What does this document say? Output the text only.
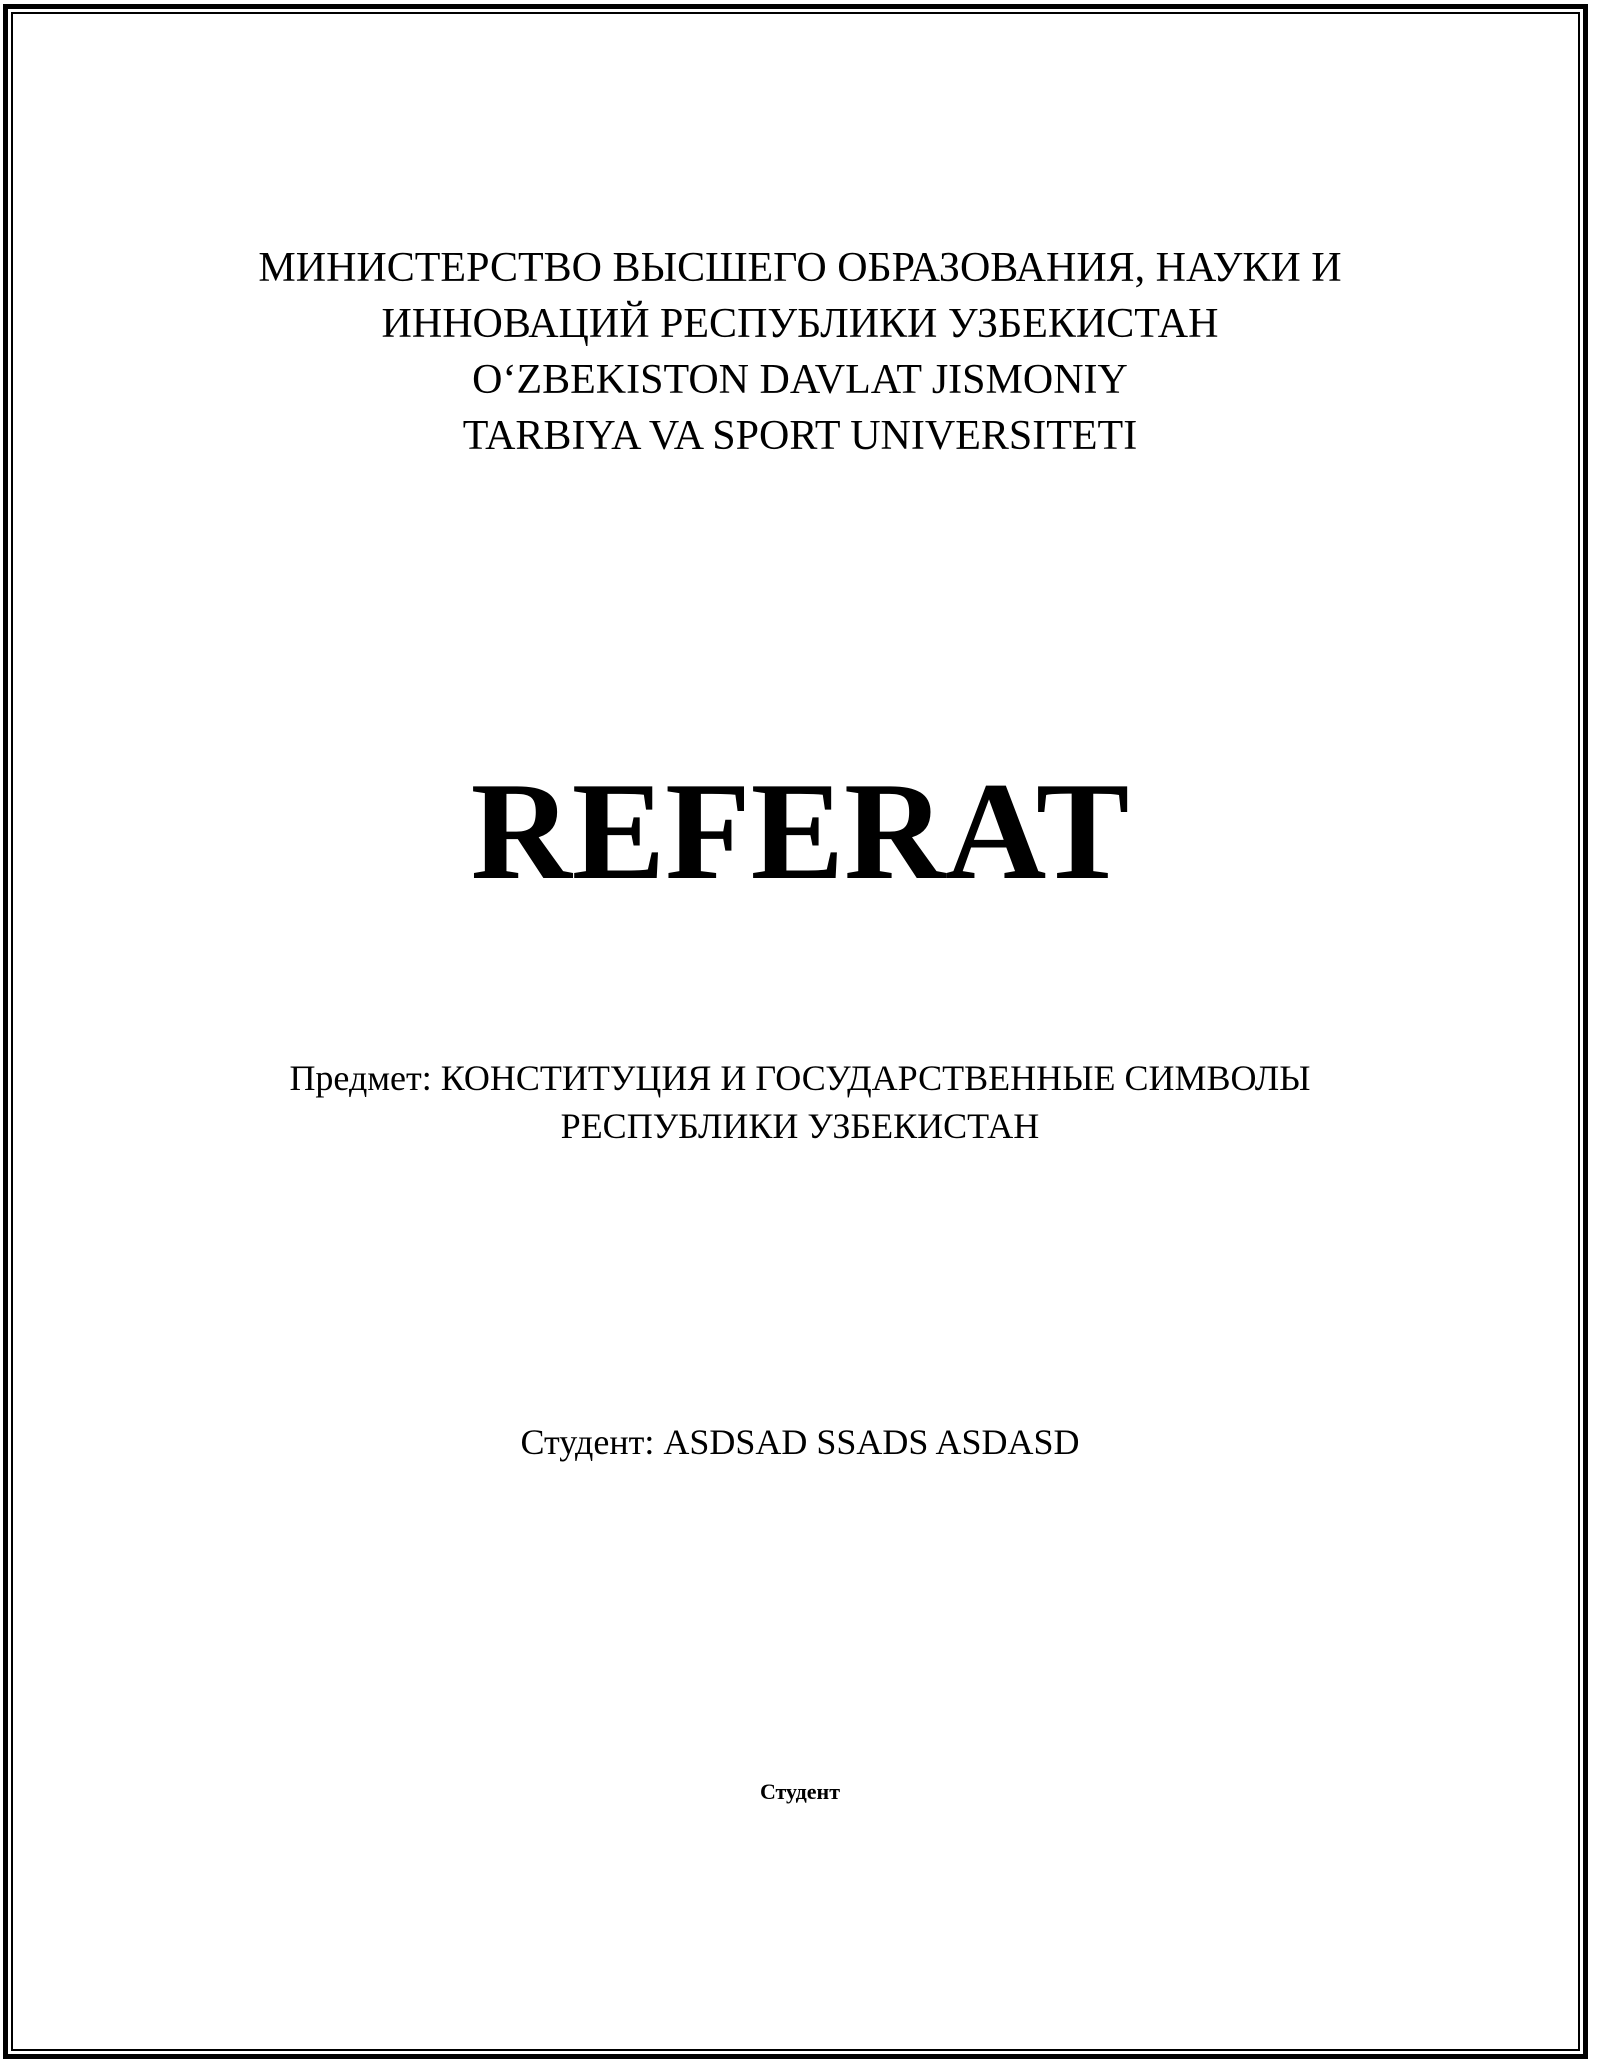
МИНИСТЕРСТВО ВЫСШЕГО ОБРАЗОВАНИЯ, НАУКИ И
ИННОВАЦИЙ РЕСПУБЛИКИ УЗБЕКИСТАН
O‘ZBEKISTON DAVLAT JISMONIY
TARBIYA VA SPORT UNIVERSITETI
REFERAT
Предмет: КОНСТИТУЦИЯ И ГОСУДАРСТВЕННЫЕ СИМВОЛЫ
РЕСПУБЛИКИ УЗБЕКИСТАН
Студент: ASDSAD SSADS ASDASD
Студент
